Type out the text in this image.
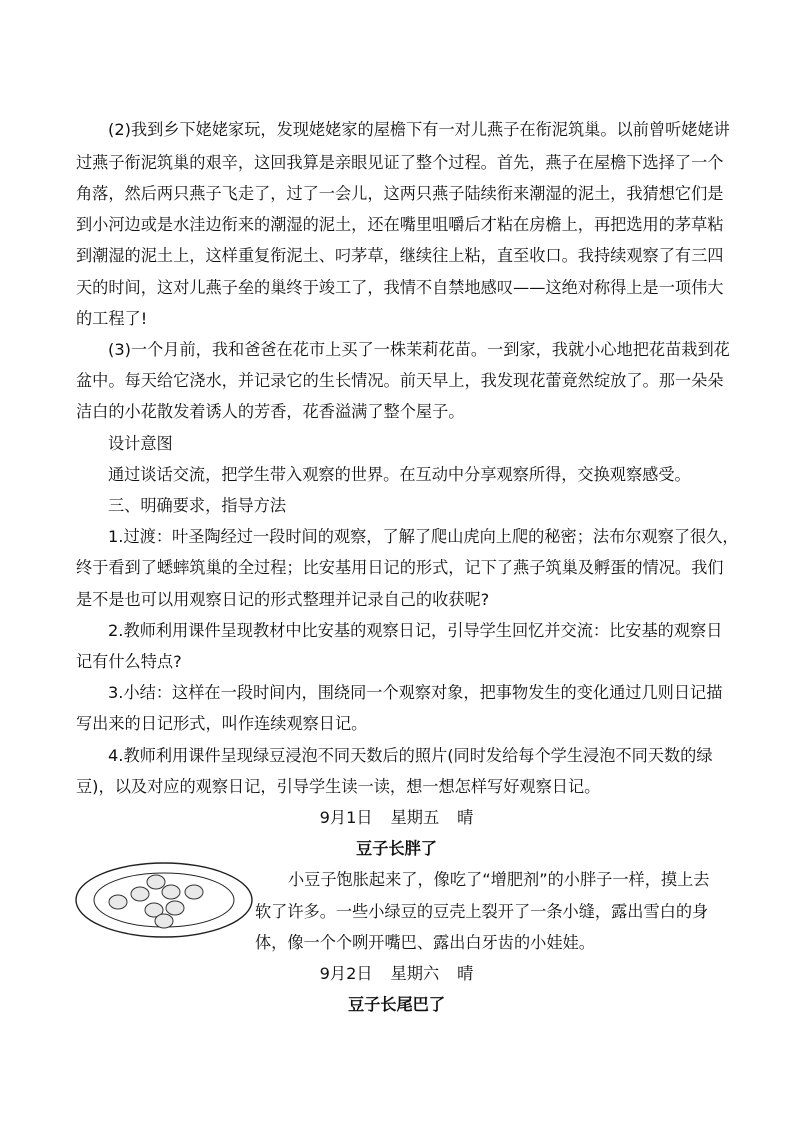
(2)我到乡下姥姥家玩，发现姥姥家的屋檐下有一对儿燕子在衔泥筑巢。以前曾听姥姥讲
过燕子衔泥筑巢的艰辛，这回我算是亲眼见证了整个过程。首先，燕子在屋檐下选择了一个
角落，然后两只燕子飞走了，过了一会儿，这两只燕子陆续衔来潮湿的泥土，我猜想它们是
到小河边或是水洼边衔来的潮湿的泥土，还在嘴里咀嚼后才粘在房檐上，再把选用的茅草粘
到潮湿的泥土上，这样重复衔泥土、叼茅草，继续往上粘，直至收口。我持续观察了有三四
天的时间，这对儿燕子垒的巢终于竣工了，我情不自禁地感叹——这绝对称得上是一项伟大
的工程了!
(3)一个月前，我和爸爸在花市上买了一株茉莉花苗。一到家，我就小心地把花苗栽到花
盆中。每天给它浇水，并记录它的生长情况。前天早上，我发现花蕾竟然绽放了。那一朵朵
洁白的小花散发着诱人的芳香，花香溢满了整个屋子。
设计意图
通过谈话交流，把学生带入观察的世界。在互动中分享观察所得，交换观察感受。
三、明确要求，指导方法
1.过渡：叶圣陶经过一段时间的观察，了解了爬山虎向上爬的秘密；法布尔观察了很久，
终于看到了蟋蟀筑巢的全过程；比安基用日记的形式，记下了燕子筑巢及孵蛋的情况。我们
是不是也可以用观察日记的形式整理并记录自己的收获呢?
2.教师利用课件呈现教材中比安基的观察日记，引导学生回忆并交流：比安基的观察日
记有什么特点?
3.小结：这样在一段时间内，围绕同一个观察对象，把事物发生的变化通过几则日记描
写出来的日记形式，叫作连续观察日记。
4.教师利用课件呈现绿豆浸泡不同天数后的照片(同时发给每个学生浸泡不同天数的绿
豆)，以及对应的观察日记，引导学生读一读，想一想怎样写好观察日记。
9月1日 星期五 晴
豆子长胖了
小豆子饱胀起来了，像吃了“增肥剂”的小胖子一样，摸上去
软了许多。一些小绿豆的豆壳上裂开了一条小缝，露出雪白的身
体，像一个个咧开嘴巴、露出白牙齿的小娃娃。
9月2日 星期六 晴
豆子长尾巴了
